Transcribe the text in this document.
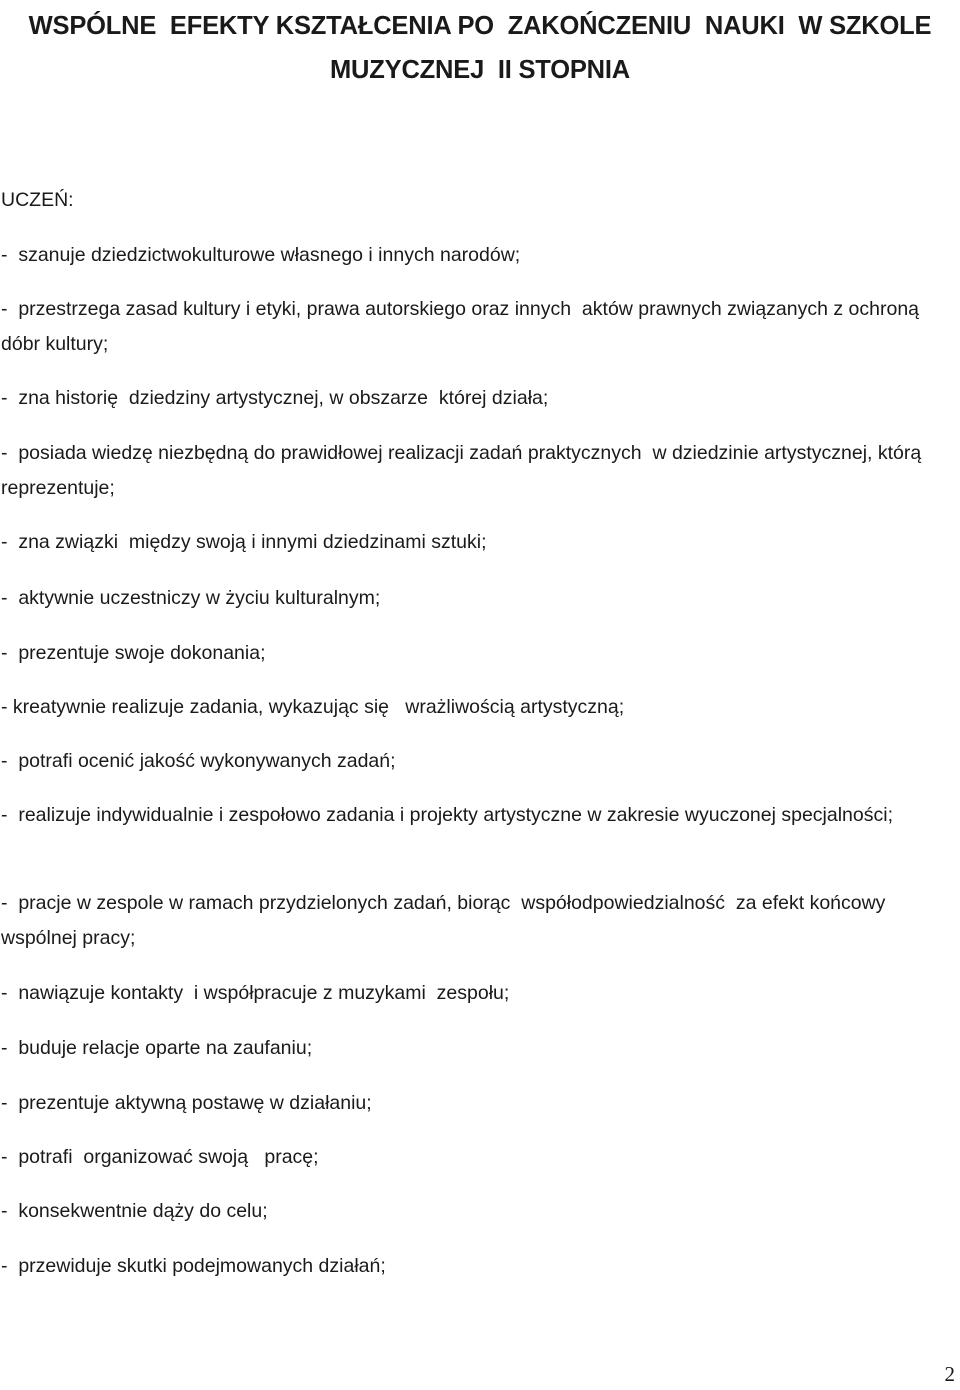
WSPÓLNE  EFEKTY KSZTAŁCENIA PO  ZAKOŃCZENIU  NAUKI  W SZKOLE
MUZYCZNEJ  II STOPNIA
UCZEŃ:
-  szanuje dziedzictwokulturowe własnego i innych narodów;
-  przestrzega zasad kultury i etyki, prawa autorskiego oraz innych  aktów prawnych związanych z ochroną dóbr kultury;
-  zna historię  dziedziny artystycznej, w obszarze  której działa;
-  posiada wiedzę niezbędną do prawidłowej realizacji zadań praktycznych  w dziedzinie artystycznej, którą reprezentuje;
-  zna związki  między swoją i innymi dziedzinami sztuki;
-  aktywnie uczestniczy w życiu kulturalnym;
-  prezentuje swoje dokonania;
- kreatywnie realizuje zadania, wykazując się   wrażliwością artystyczną;
-  potrafi ocenić jakość wykonywanych zadań;
-  realizuje indywidualnie i zespołowo zadania i projekty artystyczne w zakresie wyuczonej specjalności;
-  pracje w zespole w ramach przydzielonych zadań, biorąc  współodpowiedzialność  za efekt końcowy  wspólnej pracy;
-  nawiązuje kontakty  i współpracuje z muzykami  zespołu;
-  buduje relacje oparte na zaufaniu;
-  prezentuje aktywną postawę w działaniu;
-  potrafi  organizować swoją   pracę;
-  konsekwentnie dąży do celu;
-  przewiduje skutki podejmowanych działań;
2
